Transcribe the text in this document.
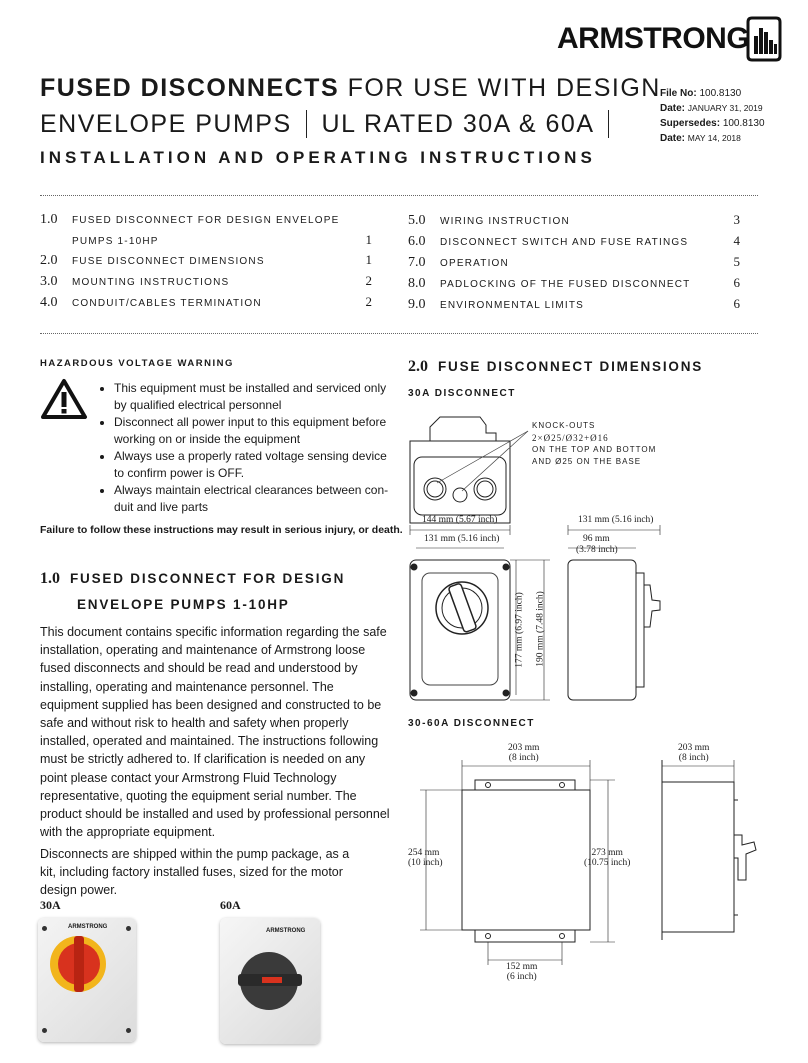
ARMSTRONG
FUSED DISCONNECTS FOR USE WITH DESIGN
ENVELOPE PUMPS UL RATED 30A & 60A
INSTALLATION AND OPERATING INSTRUCTIONS
File No: 100.8130
Date: JANUARY 31, 2019
Supersedes: 100.8130
Date: MAY 14, 2018
1.0	FUSED DISCONNECT FOR DESIGN ENVELOPE
PUMPS 1-10HP	1
2.0	FUSE DISCONNECT DIMENSIONS	1
3.0	MOUNTING INSTRUCTIONS	2
4.0	CONDUIT/CABLES TERMINATION	2
5.0	WIRING INSTRUCTION	3
6.0	DISCONNECT SWITCH AND FUSE RATINGS	4
7.0	OPERATION	5
8.0	PADLOCKING OF THE FUSED DISCONNECT	6
9.0	ENVIRONMENTAL LIMITS	6
HAZARDOUS VOLTAGE WARNING
• This equipment must be installed and serviced only by qualified electrical personnel
• Disconnect all power input to this equipment before working on or inside the equipment
• Always use a properly rated voltage sensing device to confirm power is OFF.
• Always maintain electrical clearances between con-duit and live parts
Failure to follow these instructions may result in serious injury, or death.
1.0 FUSED DISCONNECT FOR DESIGN
ENVELOPE PUMPS 1-10HP
This document contains specific information regarding the safe installation, operating and maintenance of Armstrong loose fused disconnects and should be read and understood by installing, operating and maintenance personnel. The equipment supplied has been designed and constructed to be safe and without risk to health and safety when properly installed, operated and maintained. The instructions following must be strictly adhered to. If clarification is needed on any point please contact your Armstrong Fluid Technology representative, quoting the equipment serial number. The product should be installed and used by professional personnel with the appropriate equipment.
Disconnects are shipped within the pump package, as a kit, including factory installed fuses, sized for the motor design power.
30A	60A
ARMSTRONG
ARMSTRONG
2.0 FUSE DISCONNECT DIMENSIONS
30A DISCONNECT
KNOCK-OUTS
2×Ø25/Ø32+Ø16
ON THE TOP AND BOTTOM
AND Ø25 ON THE BASE
144 mm (5.67 inch)
131 mm (5.16 inch)
131 mm (5.16 inch)
96 mm
(3.78 inch)
177 mm (6.97 inch) 190 mm (7.48 inch)
30-60A DISCONNECT
203 mm
(8 inch)
203 mm
(8 inch)
254 mm
(10 inch)
273 mm
(10.75 inch)
152 mm
(6 inch)
